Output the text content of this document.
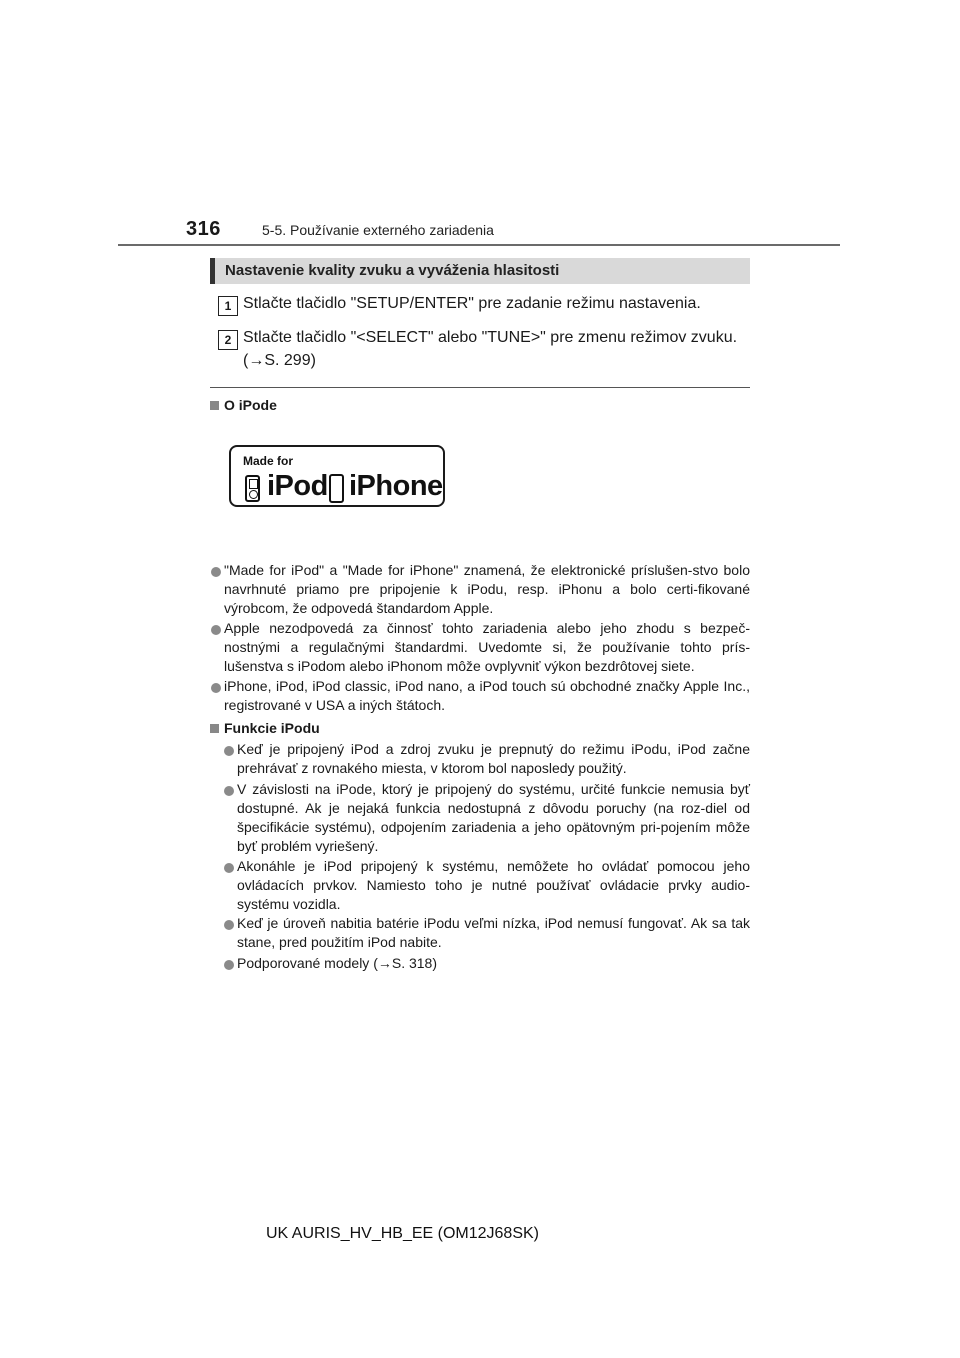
316	5-5. Používanie externého zariadenia
Nastavenie kvality zvuku a vyváženia hlasitosti
1 Stlačte tlačidlo "SETUP/ENTER" pre zadanie režimu nastavenia.
2 Stlačte tlačidlo "<SELECT" alebo "TUNE>" pre zmenu režimov zvuku.
(→S. 299)
O iPode
Made for
iPod iPhone
"Made for iPod" a "Made for iPhone" znamená, že elektronické príslušen-stvo bolo navrhnuté priamo pre pripojenie k iPodu, resp. iPhonu a bolo certi-fikované výrobcom, že odpovedá štandardom Apple.
Apple nezodpovedá za činnosť tohto zariadenia alebo jeho zhodu s bezpeč-nostnými a regulačnými štandardmi. Uvedomte si, že používanie tohto prís-lušenstva s iPodom alebo iPhonom môže ovplyvniť výkon bezdrôtovej siete.
iPhone, iPod, iPod classic, iPod nano, a iPod touch sú obchodné značky Apple Inc., registrované v USA a iných štátoch.
Funkcie iPodu
Keď je pripojený iPod a zdroj zvuku je prepnutý do režimu iPodu, iPod začne prehrávať z rovnakého miesta, v ktorom bol naposledy použitý.
V závislosti na iPode, ktorý je pripojený do systému, určité funkcie nemusia byť dostupné. Ak je nejaká funkcia nedostupná z dôvodu poruchy (na roz-diel od špecifikácie systému), odpojením zariadenia a jeho opätovným pri-pojením môže byť problém vyriešený.
Akonáhle je iPod pripojený k systému, nemôžete ho ovládať pomocou jeho ovládacích prvkov. Namiesto toho je nutné používať ovládacie prvky audio-systému vozidla.
Keď je úroveň nabitia batérie iPodu veľmi nízka, iPod nemusí fungovať. Ak sa tak stane, pred použitím iPod nabite.
Podporované modely (→S. 318)
UK AURIS_HV_HB_EE (OM12J68SK)
